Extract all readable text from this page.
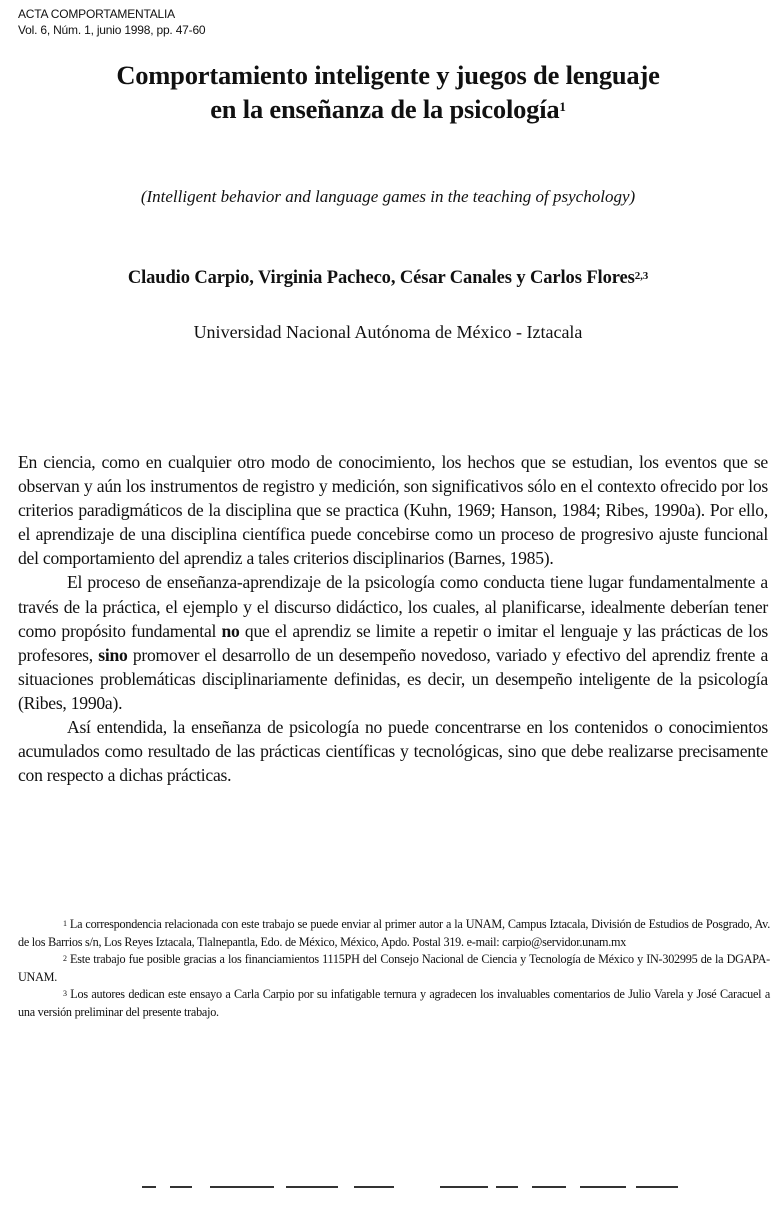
ACTA COMPORTAMENTALIA
Vol. 6, Núm. 1, junio 1998, pp. 47-60
Comportamiento inteligente y juegos de lenguaje
en la enseñanza de la psicología$^1$
(Intelligent behavior and language games in the teaching of psychology)
Claudio Carpio, Virginia Pacheco, César Canales y Carlos Flores$^{2,3}$
Universidad Nacional Autónoma de México - Iztacala

En ciencia, como en cualquier otro modo de conocimiento, los hechos que se estudian, los eventos que se observan y aún los instrumentos de registro y medición, son significativos sólo en el contexto ofrecido por los criterios paradigmáticos de la disciplina que se practica (Kuhn, 1969; Hanson, 1984; Ribes, 1990a). Por ello, el aprendizaje de una disciplina científica puede concebirse como un proceso de progresivo ajuste funcional del comportamiento del aprendiz a tales criterios disciplinarios (Barnes, 1985).

El proceso de enseñanza-aprendizaje de la psicología como conducta tiene lugar fundamentalmente a través de la práctica, el ejemplo y el discurso didáctico, los cuales, al planificarse, idealmente deberían tener como propósito fundamental no que el aprendiz se limite a repetir o imitar el lenguaje y las prácticas de los profesores, sino promover el desarrollo de un desempeño novedoso, variado y efectivo del aprendiz frente a situaciones problemáticas disciplinariamente definidas, es decir, un desempeño inteligente de la psicología (Ribes, 1990a).

Así entendida, la enseñanza de psicología no puede concentrarse en los contenidos o conocimientos acumulados como resultado de las prácticas científicas y tecnológicas, sino que debe realizarse precisamente con respecto a dichas prácticas.

$^1$ La correspondencia relacionada con este trabajo se puede enviar al primer autor a la UNAM, Campus Iztacala, División de Estudios de Posgrado, Av. de los Barrios s/n, Los Reyes Iztacala, Tlalnepantla, Edo. de México, México, Apdo. Postal 319. e-mail: carpio@servidor.unam.mx

$^2$ Este trabajo fue posible gracias a los financiamientos 1115PH del Consejo Nacional de Ciencia y Tecnología de México y IN-302995 de la DGAPA-UNAM.

$^3$ Los autores dedican este ensayo a Carla Carpio por su infatigable ternura y agradecen los invaluables comentarios de Julio Varela y José Caracuel a una versión preliminar del presente trabajo.
